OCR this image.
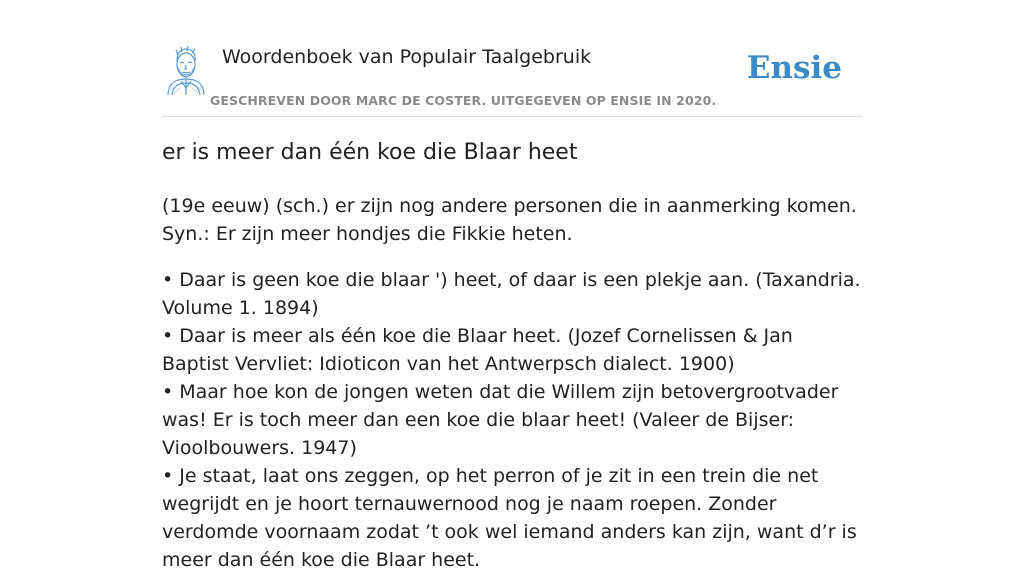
Woordenboek van Populair Taalgebruik
GESCHREVEN DOOR MARC DE COSTER. UITGEGEVEN OP ENSIE IN 2020.
Ensie
er is meer dan één koe die Blaar heet

(19e eeuw) (sch.) er zijn nog andere personen die in aanmerking komen. Syn.: Er zijn meer hondjes die Fikkie heten.

• Daar is geen koe die blaar ') heet, of daar is een plekje aan. (Taxandria. Volume 1. 1894)
• Daar is meer als één koe die Blaar heet. (Jozef Cornelissen & Jan Baptist Vervliet: Idioticon van het Antwerpsch dialect. 1900)
• Maar hoe kon de jongen weten dat die Willem zijn betovergrootvader was! Er is toch meer dan een koe die blaar heet! (Valeer de Bijser: Vioolbouwers. 1947)
• Je staat, laat ons zeggen, op het perron of je zit in een trein die net wegrijdt en je hoort ternauwernood nog je naam roepen. Zonder verdomde voornaam zodat ’t ook wel iemand anders kan zijn, want d’r is meer dan één koe die Blaar heet.
